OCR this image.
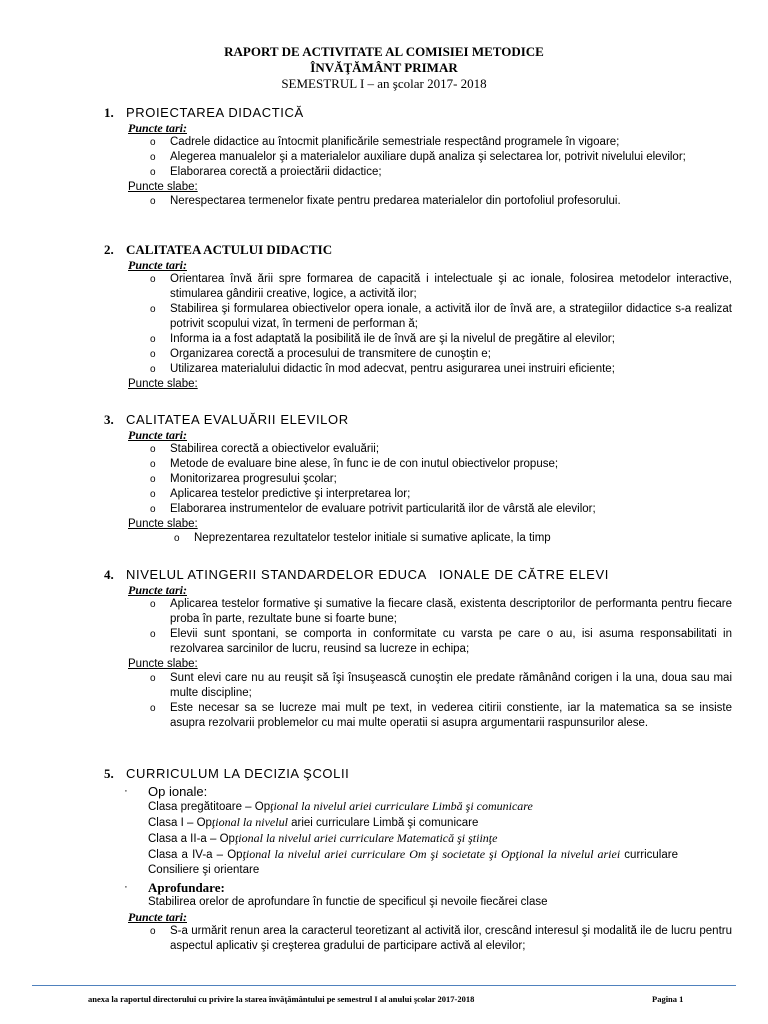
RAPORT DE ACTIVITATE AL COMISIEI METODICE
ÎNVĂŢĂMÂNT PRIMAR
SEMESTRUL I – an şcolar 2017- 2018
1. PROIECTAREA DIDACTICĂ
Puncte tari:
o Cadrele didactice au întocmit planificările semestriale respectând programele în vigoare;
o Alegerea manualelor şi a materialelor auxiliare după analiza şi selectarea lor, potrivit nivelului elevilor;
o Elaborarea corectă a proiectării didactice;
Puncte slabe:
o Nerespectarea termenelor fixate pentru predarea materialelor din portofoliul profesorului.
2. CALITATEA ACTULUI DIDACTIC
Puncte tari:
o Orientarea învă ării spre formarea de capacită i intelectuale şi ac ionale, folosirea metodelor interactive, stimularea gândirii creative, logice, a activită ilor;
o Stabilirea şi formularea obiectivelor opera ionale, a activită ilor de învă are, a strategiilor didactice s-a realizat potrivit scopului vizat, în termeni de performan ă;
o Informa ia a fost adaptată la posibilită ile de învă are şi la nivelul de pregătire al elevilor;
o Organizarea corectă a procesului de transmitere de cunoştin e;
o Utilizarea materialului didactic în mod adecvat, pentru asigurarea unei instruiri eficiente;
Puncte slabe:
3. CALITATEA EVALUĂRII ELEVILOR
Puncte tari:
o Stabilirea corectă a obiectivelor evaluării;
o Metode de evaluare bine alese, în func ie de con inutul obiectivelor propuse;
o Monitorizarea progresului şcolar;
o Aplicarea testelor predictive şi interpretarea lor;
o Elaborarea instrumentelor de evaluare potrivit particularită ilor de vârstă ale elevilor;
Puncte slabe:
o Neprezentarea rezultatelor testelor initiale si sumative aplicate, la timp
4. NIVELUL ATINGERII STANDARDELOR EDUCA   IONALE DE CĂTRE ELEVI
Puncte tari:
o Aplicarea testelor formative şi sumative la fiecare clasă, existenta descriptorilor de performanta pentru fiecare proba în parte, rezultate bune si foarte bune;
o Elevii sunt spontani, se comporta in conformitate cu varsta pe care o au, isi asuma responsabilitati in rezolvarea sarcinilor de lucru, reusind sa lucreze in echipa;
Puncte slabe:
o Sunt elevi care nu au reuşit să îşi însuşească cunoştin ele predate rămânând corigen i la una, doua sau mai multe discipline;
o Este necesar sa se lucreze mai mult pe text, in vederea citirii constiente, iar la matematica sa se insiste asupra rezolvarii problemelor cu mai multe operatii si asupra argumentarii raspunsurilor alese.
5. CURRICULUM LA DECIZIA ŞCOLII
· Op ionale:
Clasa pregătitoare – Opţional la nivelul ariei curriculare Limbă şi comunicare
Clasa I – Opţional la nivelul ariei curriculare Limbă şi comunicare
Clasa a II-a – Opţional la nivelul ariei curriculare Matematică şi ştiinţe
Clasa a IV-a – Opţional la nivelul ariei curriculare Om şi societate şi Opţional la nivelul ariei curriculare Consiliere şi orientare
· Aprofundare:
Stabilirea orelor de aprofundare în functie de specificul şi nevoile fiecărei clase
Puncte tari:
o S-a urmărit renun area la caracterul teoretizant al activită ilor, crescând interesul şi modalită ile de lucru pentru aspectul aplicativ şi creşterea gradului de participare activă al elevilor;
anexa la raportul directorului cu privire la starea învăţământului pe semestrul I al anului şcolar 2017-2018	Pagina 1
